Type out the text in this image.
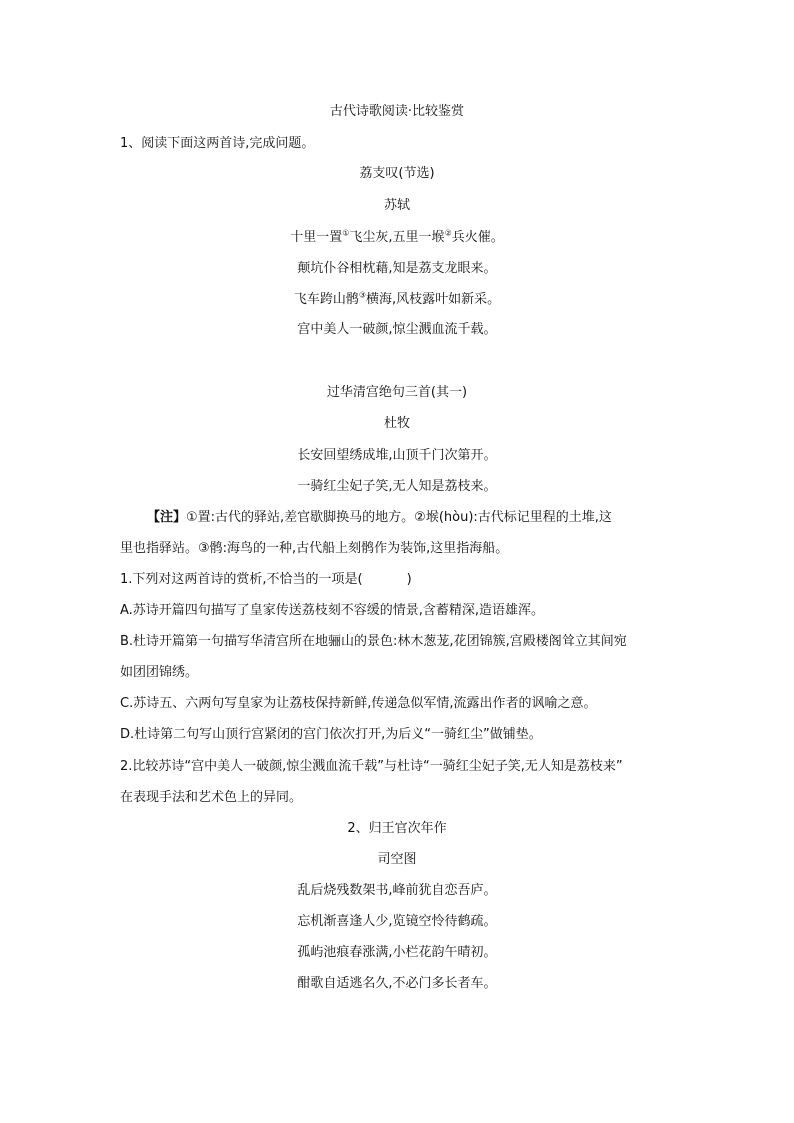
古代诗歌阅读·比较鉴赏
1、阅读下面这两首诗,完成问题。
荔支叹(节选)
苏轼
十里一置①飞尘灰,五里一堠②兵火催。
颠坑仆谷相枕藉,知是荔支龙眼来。
飞车跨山鹘③横海,风枝露叶如新采。
宫中美人一破颜,惊尘溅血流千载。
过华清宫绝句三首(其一)
杜牧
长安回望绣成堆,山顶千门次第开。
一骑红尘妃子笑,无人知是荔枝来。
【注】①置:古代的驿站,差官歇脚换马的地方。②堠(hòu):古代标记里程的土堆,这
里也指驿站。③鹘:海鸟的一种,古代船上刻鹘作为装饰,这里指海船。
1.下列对这两首诗的赏析,不恰当的一项是(	)
A.苏诗开篇四句描写了皇家传送荔枝刻不容缓的情景,含蓄精深,造语雄浑。
B.杜诗开篇第一句描写华清宫所在地骊山的景色:林木葱茏,花团锦簇,宫殿楼阁耸立其间宛
如团团锦绣。
C.苏诗五、六两句写皇家为让荔枝保持新鲜,传递急似军情,流露出作者的讽喻之意。
D.杜诗第二句写山顶行宫紧闭的宫门依次打开,为后义“一骑红尘”做铺垫。
2.比较苏诗“宫中美人一破颜,惊尘溅血流千载”与杜诗“一骑红尘妃子笑,无人知是荔枝来”
在表现手法和艺术色上的异同。
2、归王官次年作
司空图
乱后烧残数架书,峰前犹自恋吾庐。
忘机渐喜逢人少,览镜空怜待鹤疏。
孤屿池痕春涨满,小栏花韵午晴初。
酣歌自适逃名久,不必门多长者车。
